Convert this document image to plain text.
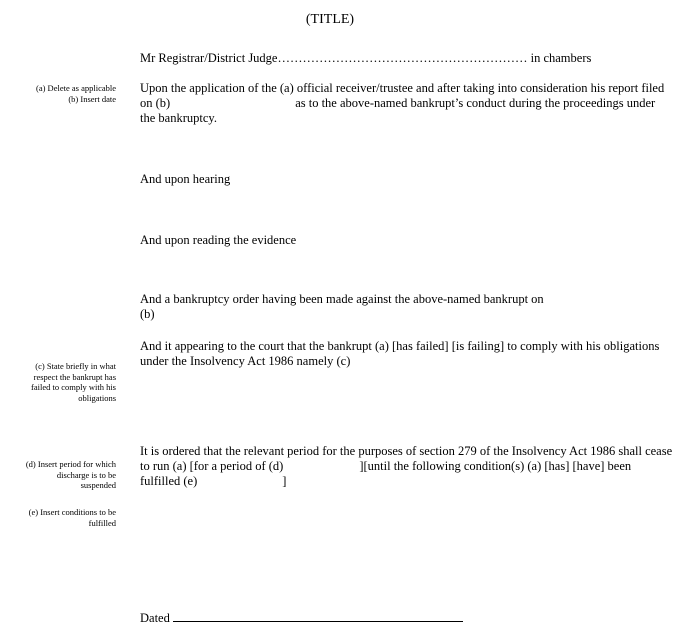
(TITLE)
Mr Registrar/District Judge…………………………………………………… in chambers
(a) Delete as applicable
(b) Insert date
Upon the application of the (a) official receiver/trustee and after taking into consideration his report filed
on (b)	as to the above-named bankrupt’s conduct during the proceedings under
the bankruptcy.
And upon hearing
And upon reading the evidence
And a bankruptcy order having been made against the above-named bankrupt on
(b)
And it appearing to the court that the bankrupt (a) [has failed] [is failing] to comply with his obligations
under the Insolvency Act 1986 namely (c)
(c) State briefly in what
respect the bankrupt has
failed to comply with his
obligations
It is ordered that the relevant period for the purposes of section 279 of the Insolvency Act 1986 shall cease
to run (a) [for a period of (d)	][until the following condition(s) (a) [has] [have] been
fulfilled (e)	]
(d) Insert period for which
discharge is to be
suspended
(e) Insert conditions to be
fulfilled
Dated
